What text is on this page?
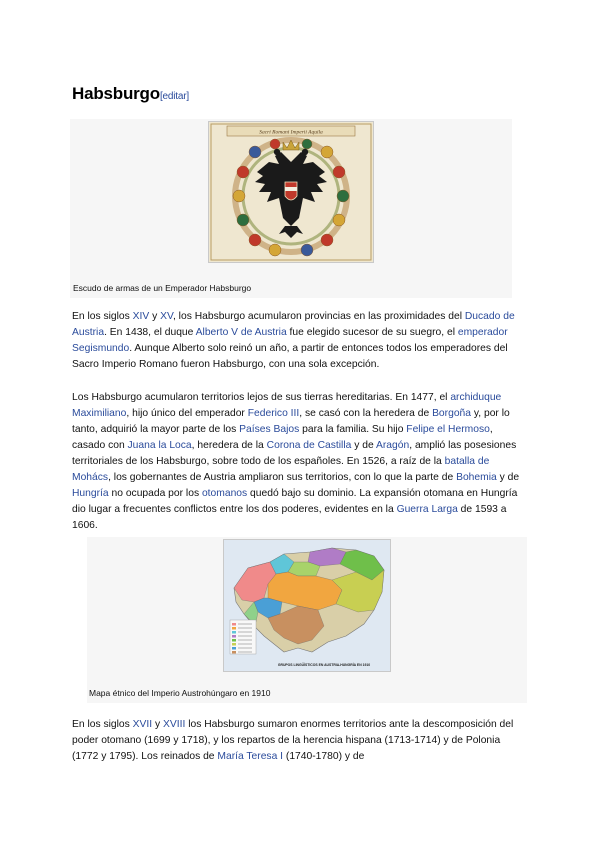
Habsburgo[editar]
Sacri Romani Imperii Aquila
Escudo de armas de un Emperador Habsburgo

En los siglos XIV y XV, los Habsburgo acumularon provincias en las proximidades del Ducado de Austria. En 1438, el duque Alberto V de Austria fue elegido sucesor de su suegro, el emperador Segismundo. Aunque Alberto solo reinó un año, a partir de entonces todos los emperadores del Sacro Imperio Romano fueron Habsburgo, con una sola excepción.

Los Habsburgo acumularon territorios lejos de sus tierras hereditarias. En 1477, el archiduque Maximiliano, hijo único del emperador Federico III, se casó con la heredera de Borgoña y, por lo tanto, adquirió la mayor parte de los Países Bajos para la familia. Su hijo Felipe el Hermoso, casado con Juana la Loca, heredera de la Corona de Castilla y de Aragón, amplió las posesiones territoriales de los Habsburgo, sobre todo de los españoles. En 1526, a raíz de la batalla de Mohács, los gobernantes de Austria ampliaron sus territorios, con lo que la parte de Bohemia y de Hungría no ocupada por los otomanos quedó bajo su dominio. La expansión otomana en Hungría dio lugar a frecuentes conflictos entre los dos poderes, evidentes en la Guerra Larga de 1593 a 1606.

GRUPOS LINGÜÍSTICOS EN AUSTRIA-HUNGRÍA EN 1910
Mapa étnico del Imperio Austrohúngaro en 1910

En los siglos XVII y XVIII los Habsburgo sumaron enormes territorios ante la descomposición del poder otomano (1699 y 1718), y los repartos de la herencia hispana (1713-1714) y de Polonia (1772 y 1795). Los reinados de María Teresa I (1740-1780) y de
